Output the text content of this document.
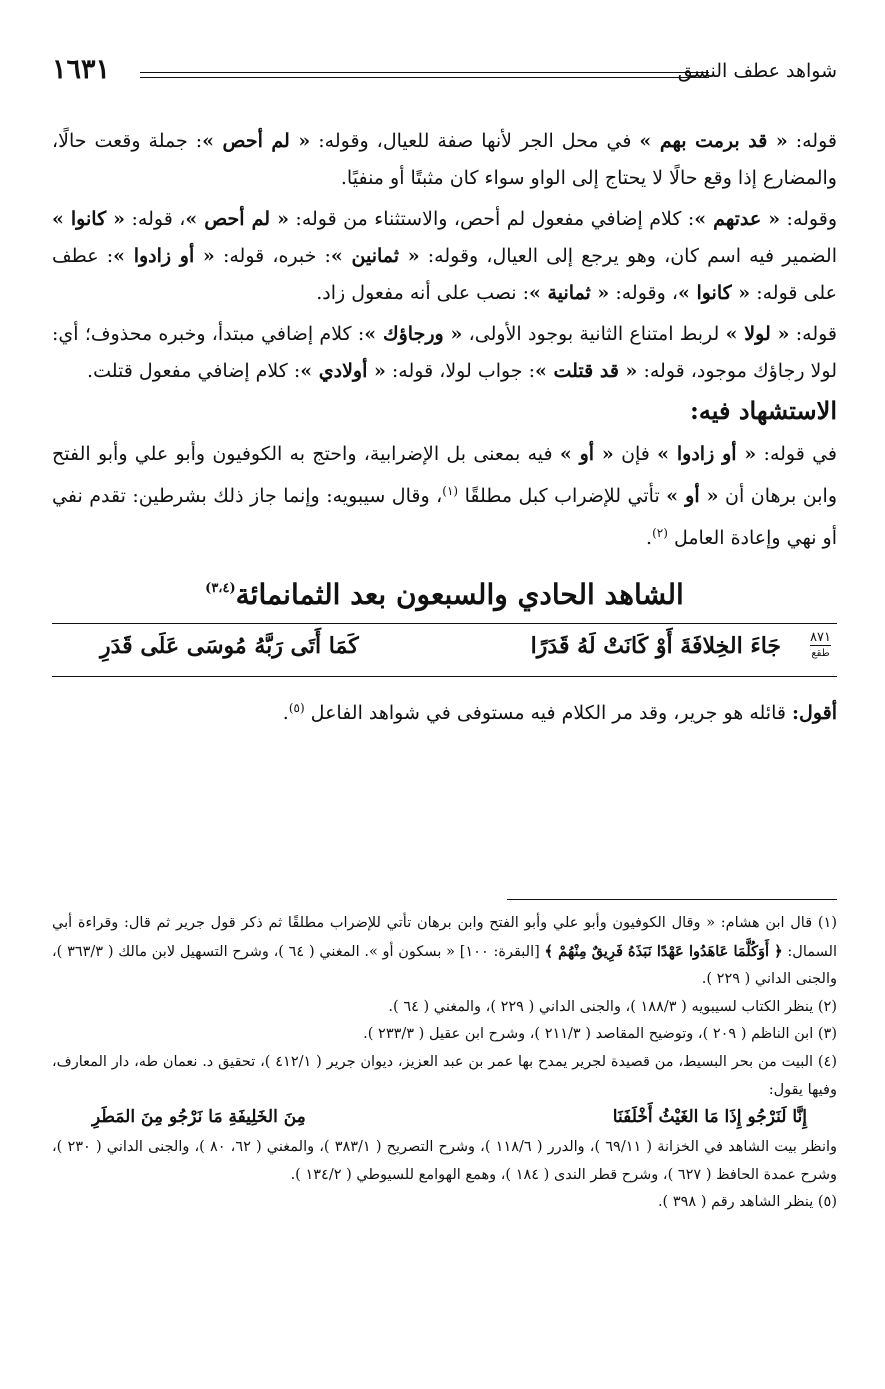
شواهد عطف النسق
١٦٣١

قوله: « قد برمت بهم » في محل الجر لأنها صفة للعيال، وقوله: « لم أحص »: جملة وقعت حالًا، والمضارع إذا وقع حالًا لا يحتاج إلى الواو سواء كان مثبتًا أو منفيًا.

وقوله: « عدتهم »: كلام إضافي مفعول لم أحص، والاستثناء من قوله: « لم أحص »، قوله: « كانوا » الضمير فيه اسم كان، وهو يرجع إلى العيال، وقوله: « ثمانين »: خبره، قوله: « أو زادوا »: عطف على قوله: « كانوا »، وقوله: « ثمانية »: نصب على أنه مفعول زاد.

قوله: « لولا » لربط امتناع الثانية بوجود الأولى، « ورجاؤك »: كلام إضافي مبتدأ، وخبره محذوف؛ أي: لولا رجاؤك موجود، قوله: « قد قتلت »: جواب لولا، قوله: « أولادي »: كلام إضافي مفعول قتلت.

الاستشهاد فيه:

في قوله: « أو زادوا » فإن « أو » فيه بمعنى بل الإضرابية، واحتج به الكوفيون وأبو علي وأبو الفتح وابن برهان أن « أو » تأتي للإضراب كبل مطلقًا $^{(١)}$، وقال سيبويه: وإنما جاز ذلك بشرطين: تقدم نفي أو نهي وإعادة العامل $^{(٢)}$.

الشاهد الحادي والسبعون بعد الثمانمائة$^{(٣،٤)}$
٨٧١
طقع
جَاءَ الخِلافَةَ أَوْ كَانَتْ لَهُ قَدَرًا
كَمَا أَتَى رَبَّهُ مُوسَى عَلَى قَدَرِ

أقول: قائله هو جرير، وقد مر الكلام فيه مستوفى في شواهد الفاعل $^{(٥)}$.

(١) قال ابن هشام: « وقال الكوفيون وأبو علي وأبو الفتح وابن برهان تأتي للإضراب مطلقًا ثم ذكر قول جرير ثم قال: وقراءة أبي السمال: ﴿ أَوَكُلَّمَا عَاهَدُوا عَهْدًا نَبَذَهُ فَرِيقٌ مِنْهُمْ ﴾ [البقرة: ١٠٠] « بسكون أو ». المغني ( ٦٤ )، وشرح التسهيل لابن مالك ( ٣٦٣/٣ )، والجنى الداني ( ٢٢٩ ).

(٢) ينظر الكتاب لسيبويه ( ١٨٨/٣ )، والجنى الداني ( ٢٢٩ )، والمغني ( ٦٤ ).

(٣) ابن الناظم ( ٢٠٩ )، وتوضيح المقاصد ( ٢١١/٣ )، وشرح ابن عقيل ( ٢٣٣/٣ ).

(٤) البيت من بحر البسيط، من قصيدة لجرير يمدح بها عمر بن عبد العزيز، ديوان جرير ( ٤١٢/١ )، تحقيق د. نعمان طه، دار المعارف، وفيها يقول:

إِنَّا لَنَرْجُو إِذَا مَا الغَيْثُ أَخْلَفَنَا
مِنَ الخَلِيفَةِ مَا نَرْجُو مِنَ المَطَرِ

وانظر بيت الشاهد في الخزانة ( ٦٩/١١ )، والدرر ( ١١٨/٦ )، وشرح التصريح ( ٣٨٣/١ )، والمغني ( ٦٢، ٨٠ )، والجنى الداني ( ٢٣٠ )، وشرح عمدة الحافظ ( ٦٢٧ )، وشرح قطر الندى ( ١٨٤ )، وهمع الهوامع للسيوطي ( ١٣٤/٢ ).

(٥) ينظر الشاهد رقم ( ٣٩٨ ).
